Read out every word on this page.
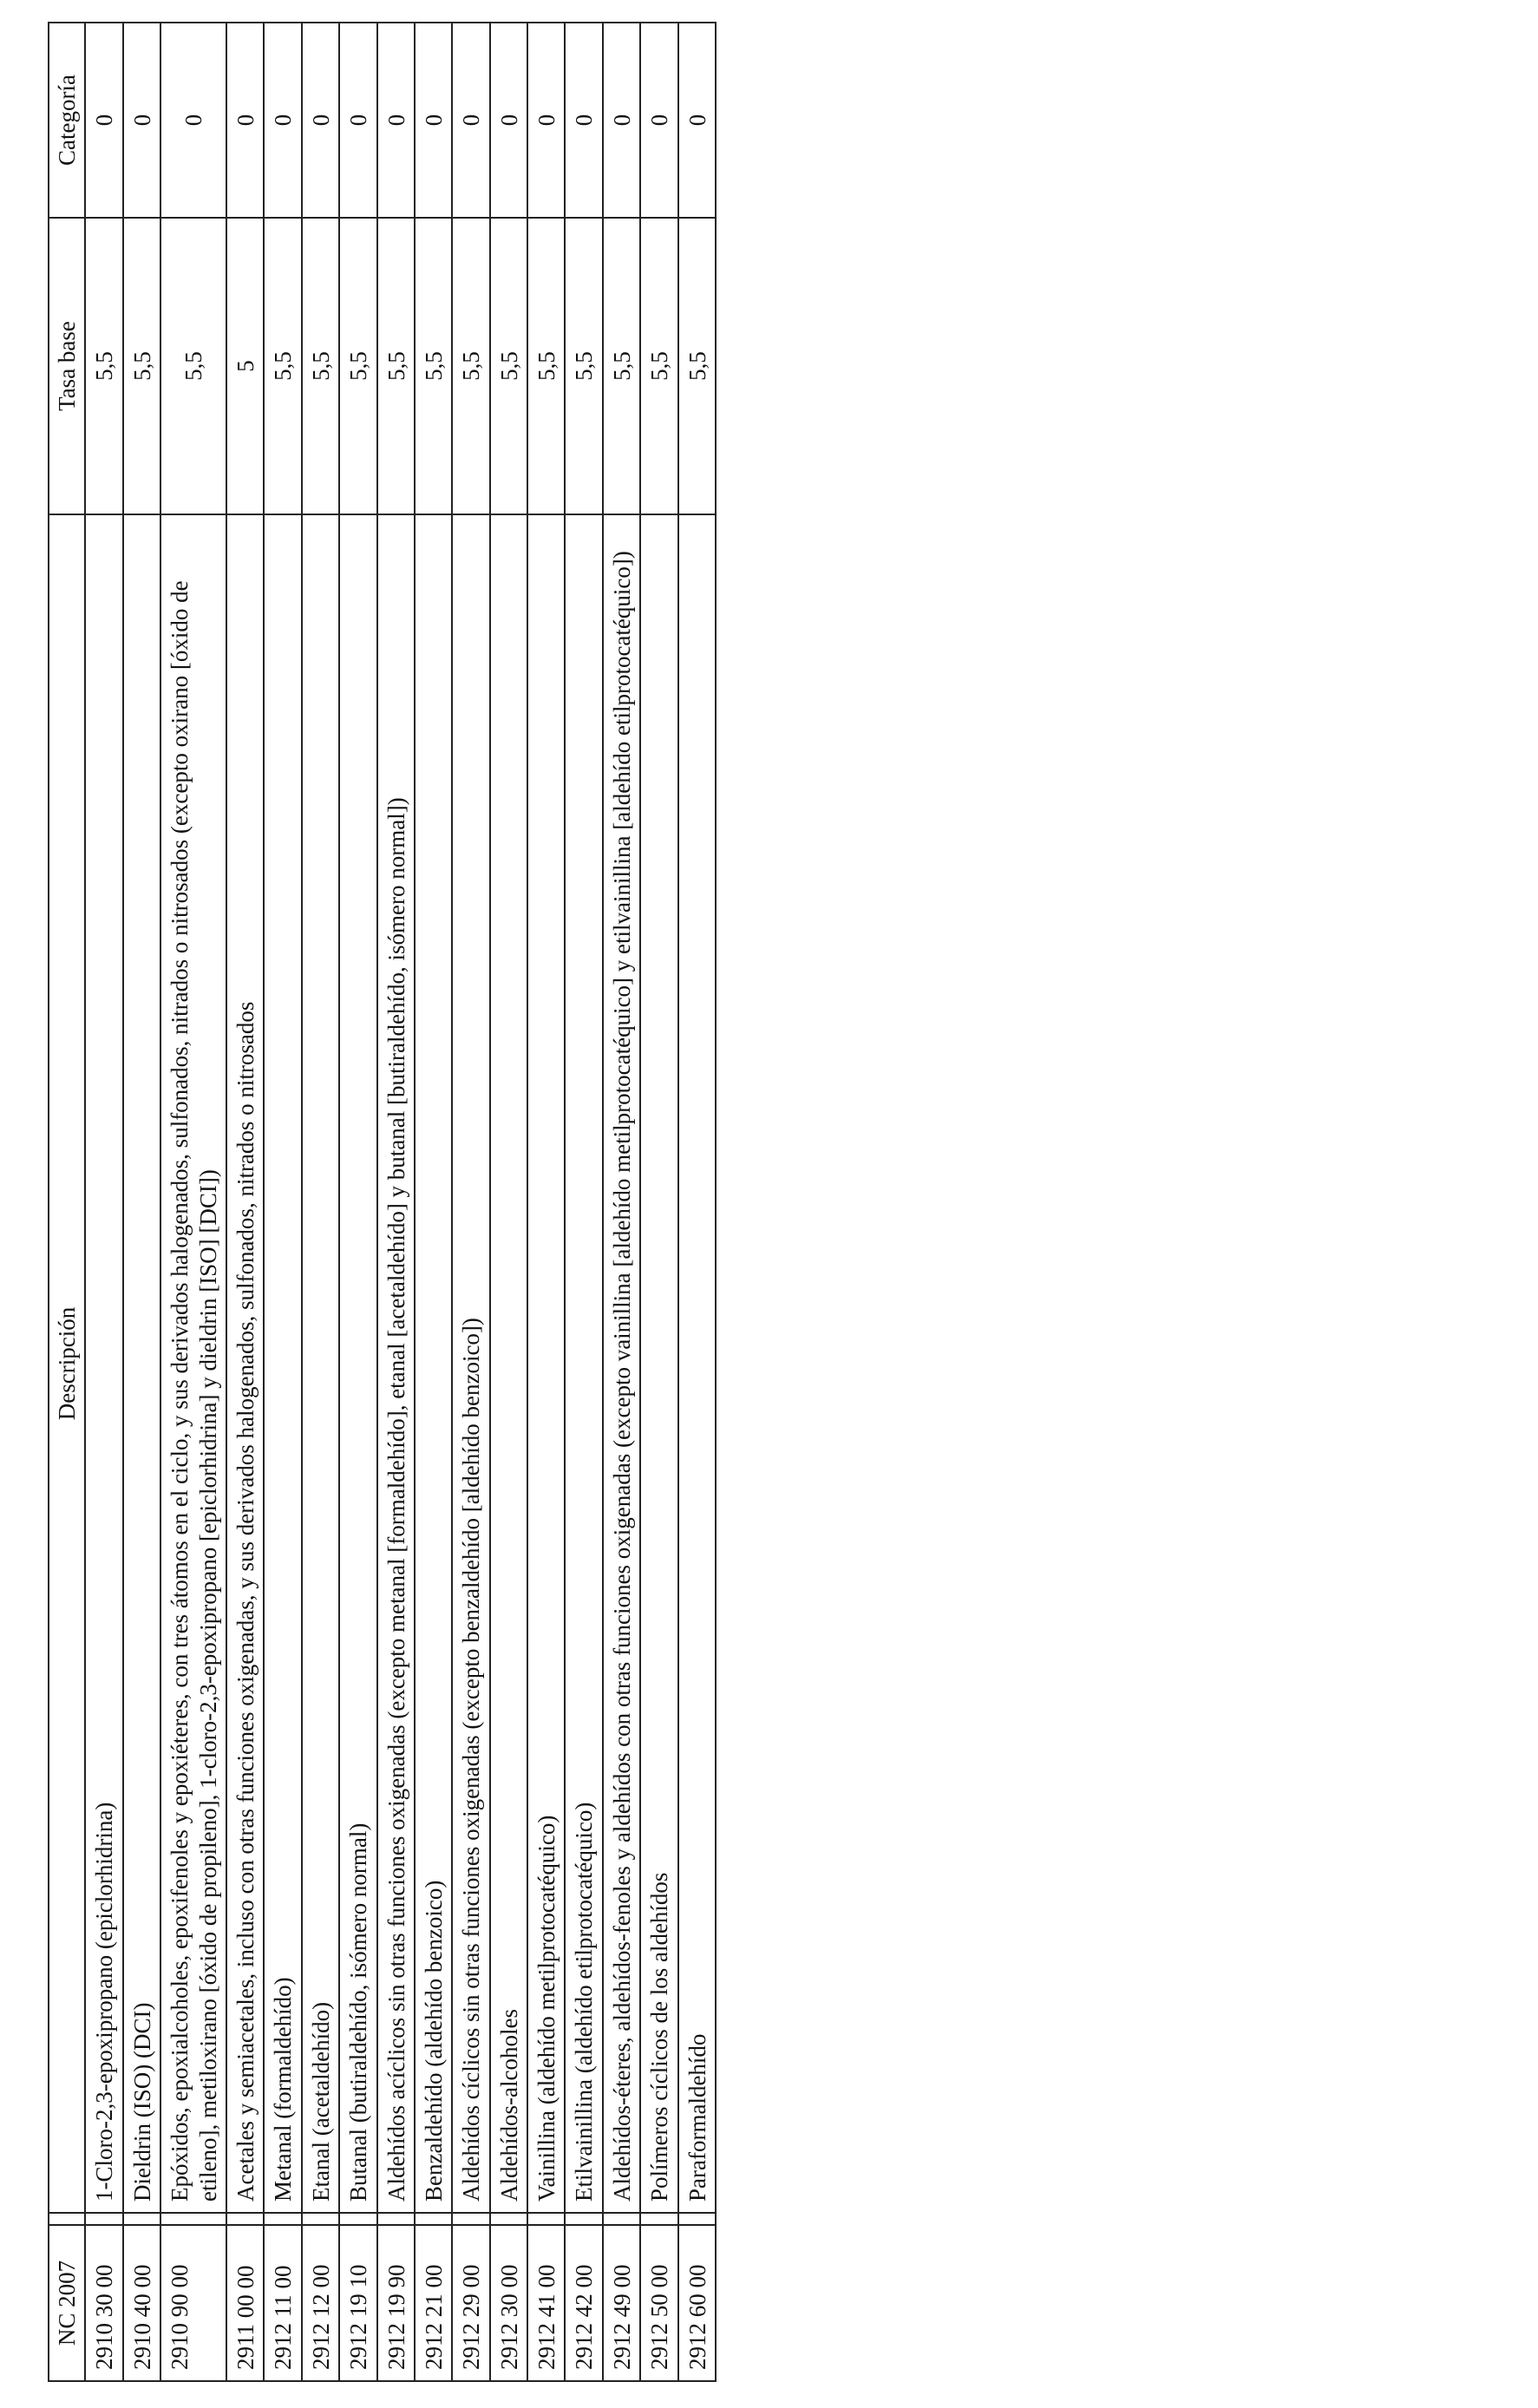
NC 2007		Descripción	Tasa base	Categoría
2910 30 00		1-Cloro-2,3-epoxipropano (epiclorhidrina)	5,5	0
2910 40 00		Dieldrin (ISO) (DCI)	5,5	0
2910 90 00		Epóxidos, epoxialcoholes, epoxifenoles y epoxiéteres, con tres átomos en el ciclo, y sus derivados halogenados, sulfonados, nitrados o nitrosados (excepto oxirano [óxido de etileno], metiloxirano [óxido de propileno], 1-cloro-2,3-epoxipropano [epiclorhidrina] y dieldrin [ISO] [DCI])	5,5	0
2911 00 00		Acetales y semiacetales, incluso con otras funciones oxigenadas, y sus derivados halogenados, sulfonados, nitrados o nitrosados	5	0
2912 11 00		Metanal (formaldehído)	5,5	0
2912 12 00		Etanal (acetaldehído)	5,5	0
2912 19 10		Butanal (butiraldehído, isómero normal)	5,5	0
2912 19 90		Aldehídos acíclicos sin otras funciones oxigenadas (excepto metanal [formaldehído], etanal [acetaldehído] y butanal [butiraldehído, isómero normal])	5,5	0
2912 21 00		Benzaldehído (aldehído benzoico)	5,5	0
2912 29 00		Aldehídos cíclicos sin otras funciones oxigenadas (excepto benzaldehído [aldehído benzoico])	5,5	0
2912 30 00		Aldehídos-alcoholes	5,5	0
2912 41 00		Vainillina (aldehído metilprotocatéquico)	5,5	0
2912 42 00		Etilvainillina (aldehído etilprotocatéquico)	5,5	0
2912 49 00		Aldehídos-éteres, aldehídos-fenoles y aldehídos con otras funciones oxigenadas (excepto vainillina [aldehído metilprotocatéquico] y etilvainillina [aldehído etilprotocatéquico])	5,5	0
2912 50 00		Polímeros cíclicos de los aldehídos	5,5	0
2912 60 00		Paraformaldehído	5,5	0
